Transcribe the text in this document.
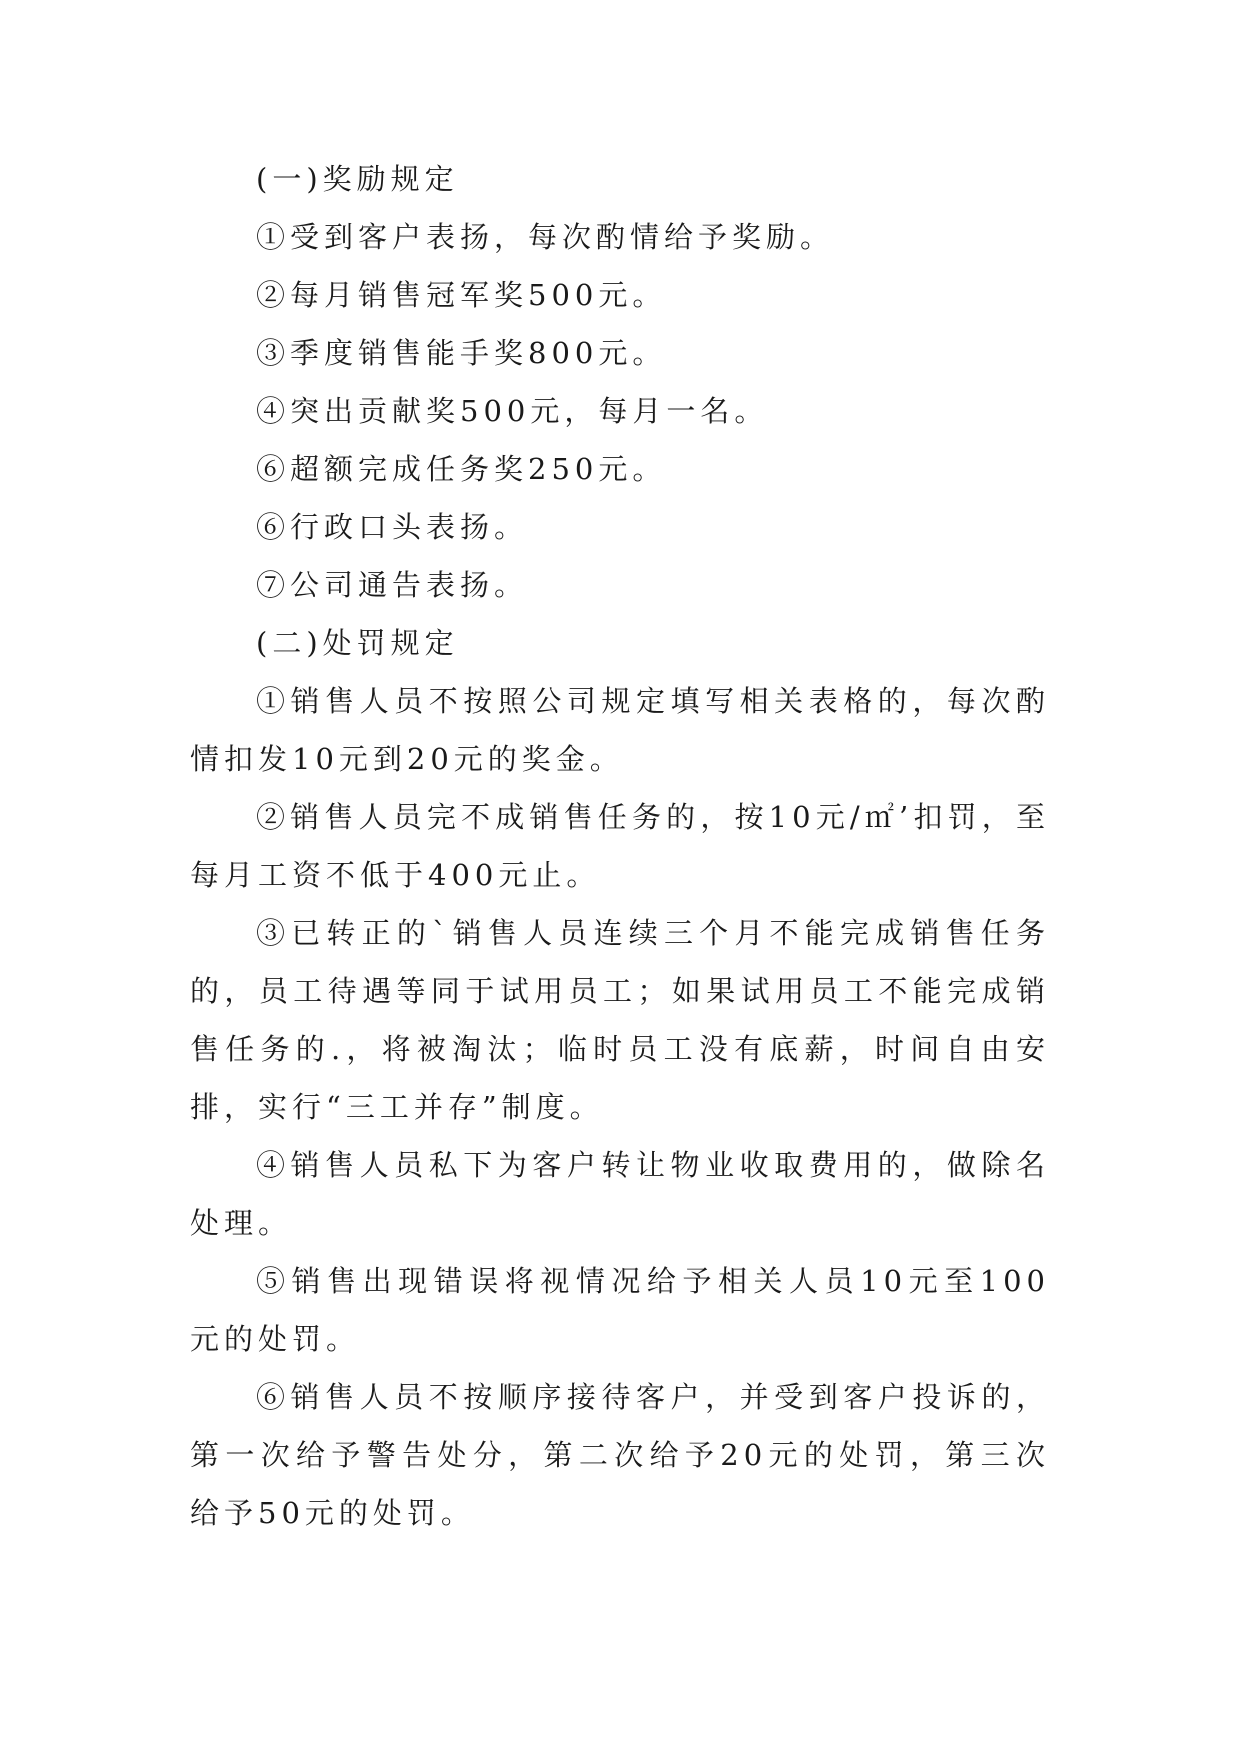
(一)奖励规定

①受到客户表扬，每次酌情给予奖励。

②每月销售冠军奖500元。

③季度销售能手奖800元。

④突出贡献奖500元，每月一名。

⑥超额完成任务奖250元。

⑥行政口头表扬。

⑦公司通告表扬。

(二)处罚规定

①销售人员不按照公司规定填写相关表格的，每次酌情扣发10元到20元的奖金。

②销售人员完不成销售任务的，按10元/㎡’扣罚，至每月工资不低于400元止。

③已转正的`销售人员连续三个月不能完成销售任务的，员工待遇等同于试用员工；如果试用员工不能完成销售任务的.，将被淘汰；临时员工没有底薪，时间自由安排，实行“三工并存”制度。

④销售人员私下为客户转让物业收取费用的，做除名处理。

⑤销售出现错误将视情况给予相关人员10元至100元的处罚。

⑥销售人员不按顺序接待客户，并受到客户投诉的，第一次给予警告处分，第二次给予20元的处罚，第三次给予50元的处罚。
